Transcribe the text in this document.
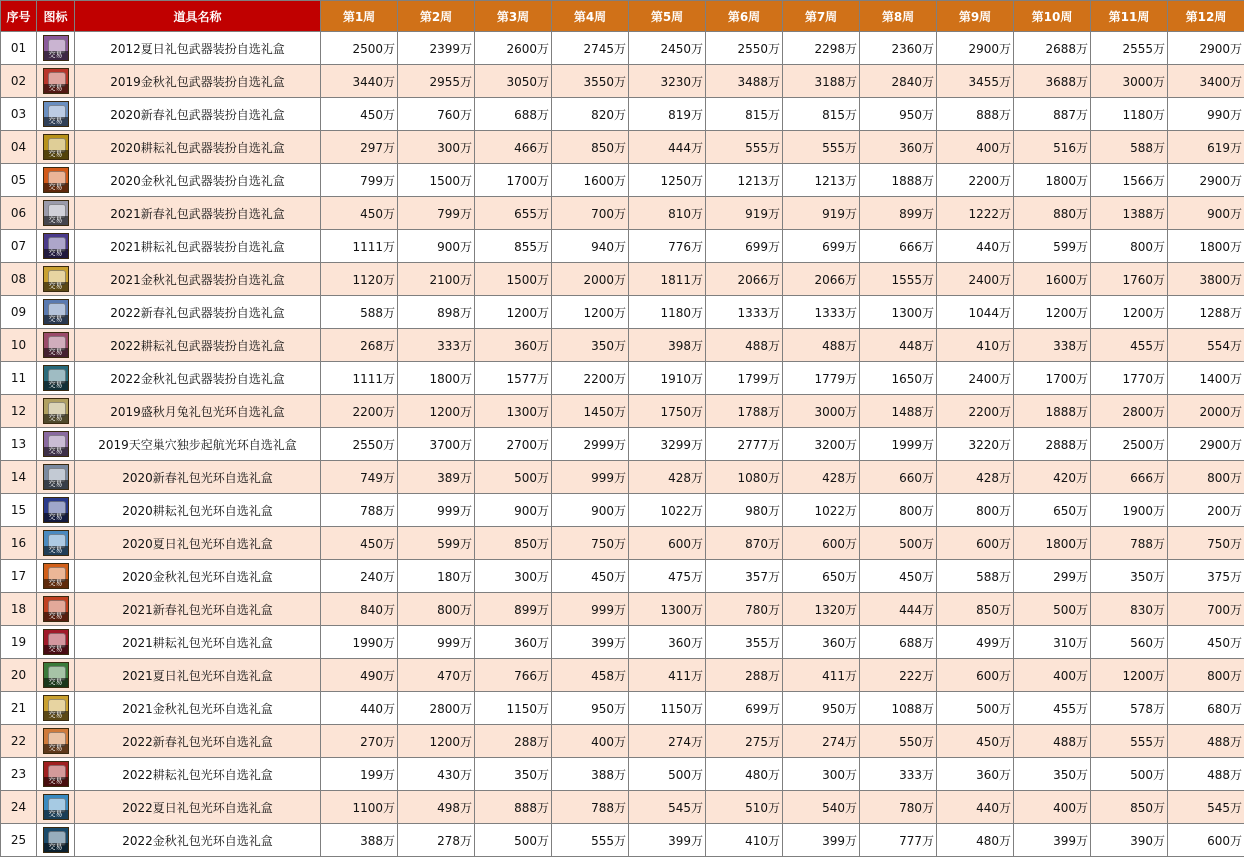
序号	图标	道具名称	第1周	第2周	第3周	第4周	第5周	第6周	第7周	第8周	第9周	第10周	第11周	第12周
01	交易	2012夏日礼包武器装扮自选礼盒	2500万	2399万	2600万	2745万	2450万	2550万	2298万	2360万	2900万	2688万	2555万	2900万
02	交易	2019金秋礼包武器装扮自选礼盒	3440万	2955万	3050万	3550万	3230万	3488万	3188万	2840万	3455万	3688万	3000万	3400万
03	交易	2020新春礼包武器装扮自选礼盒	450万	760万	688万	820万	819万	815万	815万	950万	888万	887万	1180万	990万
04	交易	2020耕耘礼包武器装扮自选礼盒	297万	300万	466万	850万	444万	555万	555万	360万	400万	516万	588万	619万
05	交易	2020金秋礼包武器装扮自选礼盒	799万	1500万	1700万	1600万	1250万	1213万	1213万	1888万	2200万	1800万	1566万	2900万
06	交易	2021新春礼包武器装扮自选礼盒	450万	799万	655万	700万	810万	919万	919万	899万	1222万	880万	1388万	900万
07	交易	2021耕耘礼包武器装扮自选礼盒	1111万	900万	855万	940万	776万	699万	699万	666万	440万	599万	800万	1800万
08	交易	2021金秋礼包武器装扮自选礼盒	1120万	2100万	1500万	2000万	1811万	2066万	2066万	1555万	2400万	1600万	1760万	3800万
09	交易	2022新春礼包武器装扮自选礼盒	588万	898万	1200万	1200万	1180万	1333万	1333万	1300万	1044万	1200万	1200万	1288万
10	交易	2022耕耘礼包武器装扮自选礼盒	268万	333万	360万	350万	398万	488万	488万	448万	410万	338万	455万	554万
11	交易	2022金秋礼包武器装扮自选礼盒	1111万	1800万	1577万	2200万	1910万	1799万	1779万	1650万	2400万	1700万	1770万	1400万
12	交易	2019盛秋月兔礼包光环自选礼盒	2200万	1200万	1300万	1450万	1750万	1788万	3000万	1488万	2200万	1888万	2800万	2000万
13	交易	2019天空巢穴独步起航光环自选礼盒	2550万	3700万	2700万	2999万	3299万	2777万	3200万	1999万	3220万	2888万	2500万	2900万
14	交易	2020新春礼包光环自选礼盒	749万	389万	500万	999万	428万	1080万	428万	660万	428万	420万	666万	800万
15	交易	2020耕耘礼包光环自选礼盒	788万	999万	900万	900万	1022万	980万	1022万	800万	800万	650万	1900万	200万
16	交易	2020夏日礼包光环自选礼盒	450万	599万	850万	750万	600万	870万	600万	500万	600万	1800万	788万	750万
17	交易	2020金秋礼包光环自选礼盒	240万	180万	300万	450万	475万	357万	650万	450万	588万	299万	350万	375万
18	交易	2021新春礼包光环自选礼盒	840万	800万	899万	999万	1300万	780万	1320万	444万	850万	500万	830万	700万
19	交易	2021耕耘礼包光环自选礼盒	1990万	999万	360万	399万	360万	355万	360万	688万	499万	310万	560万	450万
20	交易	2021夏日礼包光环自选礼盒	490万	470万	766万	458万	411万	288万	411万	222万	600万	400万	1200万	800万
21	交易	2021金秋礼包光环自选礼盒	440万	2800万	1150万	950万	1150万	699万	950万	1088万	500万	455万	578万	680万
22	交易	2022新春礼包光环自选礼盒	270万	1200万	288万	400万	274万	275万	274万	550万	450万	488万	555万	488万
23	交易	2022耕耘礼包光环自选礼盒	199万	430万	350万	388万	500万	480万	300万	333万	360万	350万	500万	488万
24	交易	2022夏日礼包光环自选礼盒	1100万	498万	888万	788万	545万	510万	540万	780万	440万	400万	850万	545万
25	交易	2022金秋礼包光环自选礼盒	388万	278万	500万	555万	399万	410万	399万	777万	480万	399万	390万	600万
